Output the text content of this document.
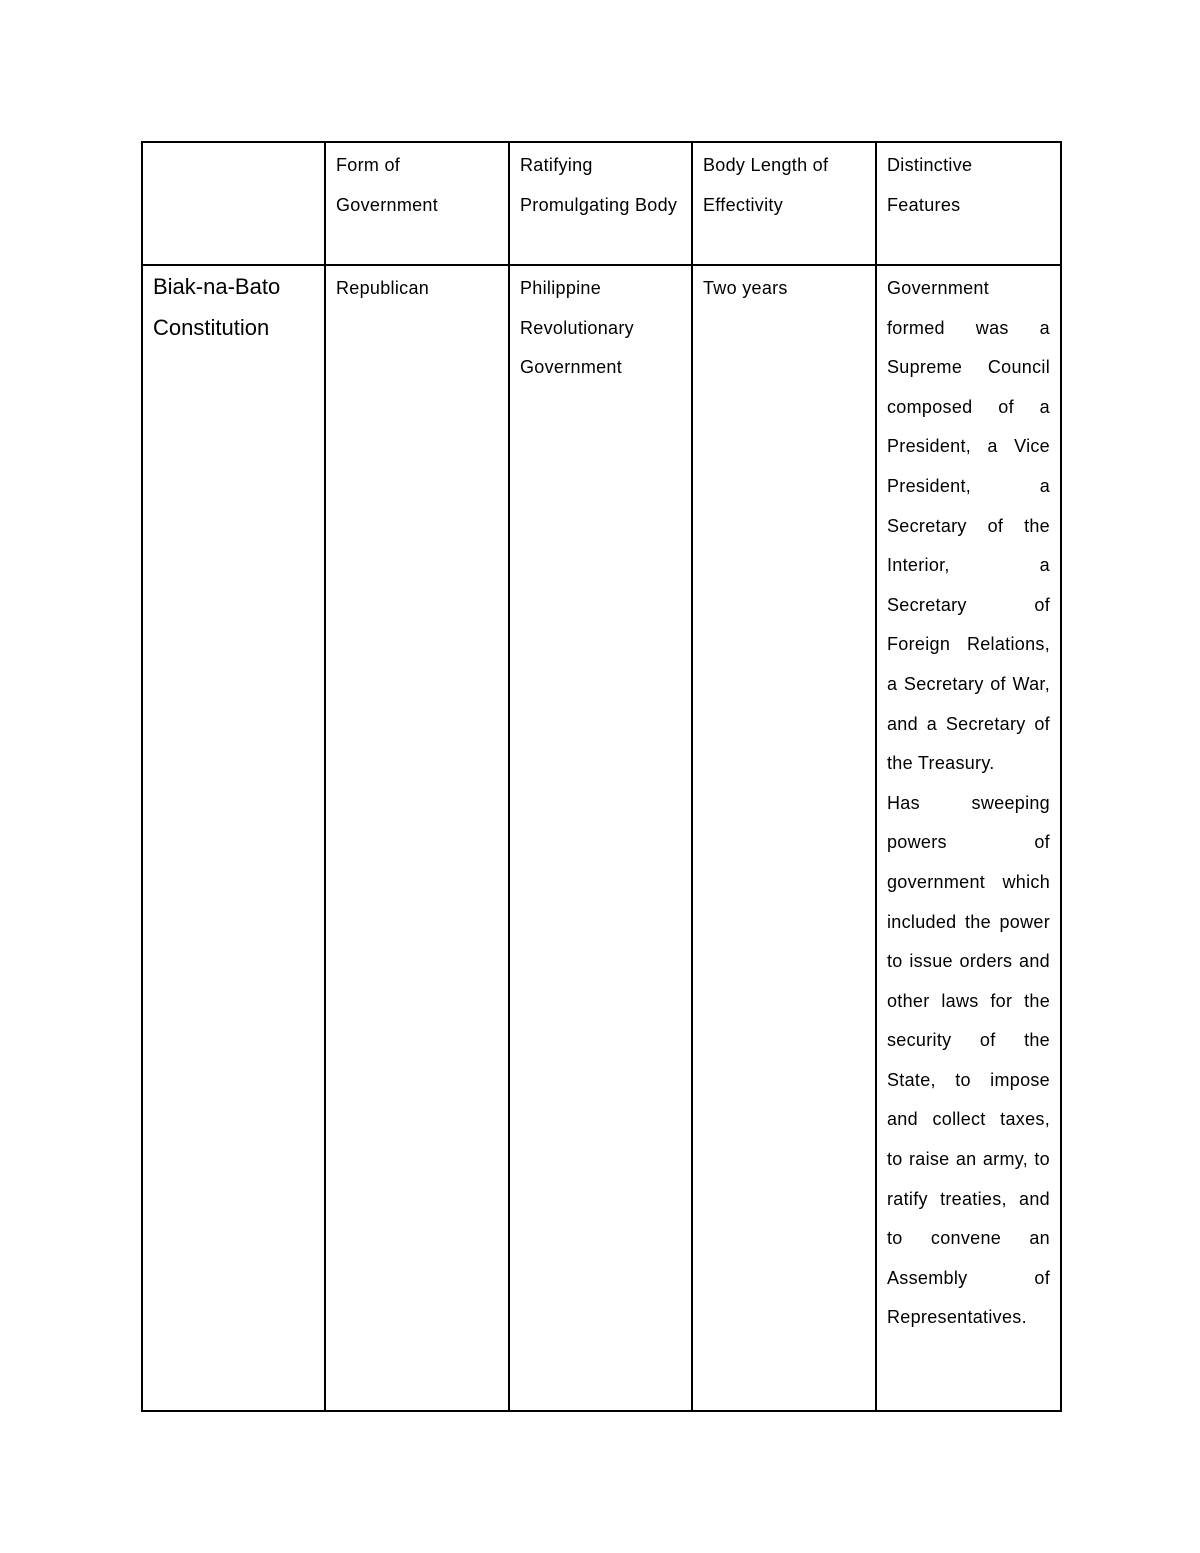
	Form of Government	Ratifying Promulgating Body	Body Length of Effectivity	Distinctive Features

Biak-na-Bato Constitution	Republican	Philippine Revolutionary Government	Two years	Government formed was a Supreme Council composed of a President, a Vice President, a Secretary of the Interior, a Secretary of Foreign Relations, a Secretary of War, and a Secretary of the Treasury.
Has sweeping powers of government which included the power to issue orders and other laws for the security of the State, to impose and collect taxes, to raise an army, to ratify treaties, and to convene an Assembly of Representatives.
